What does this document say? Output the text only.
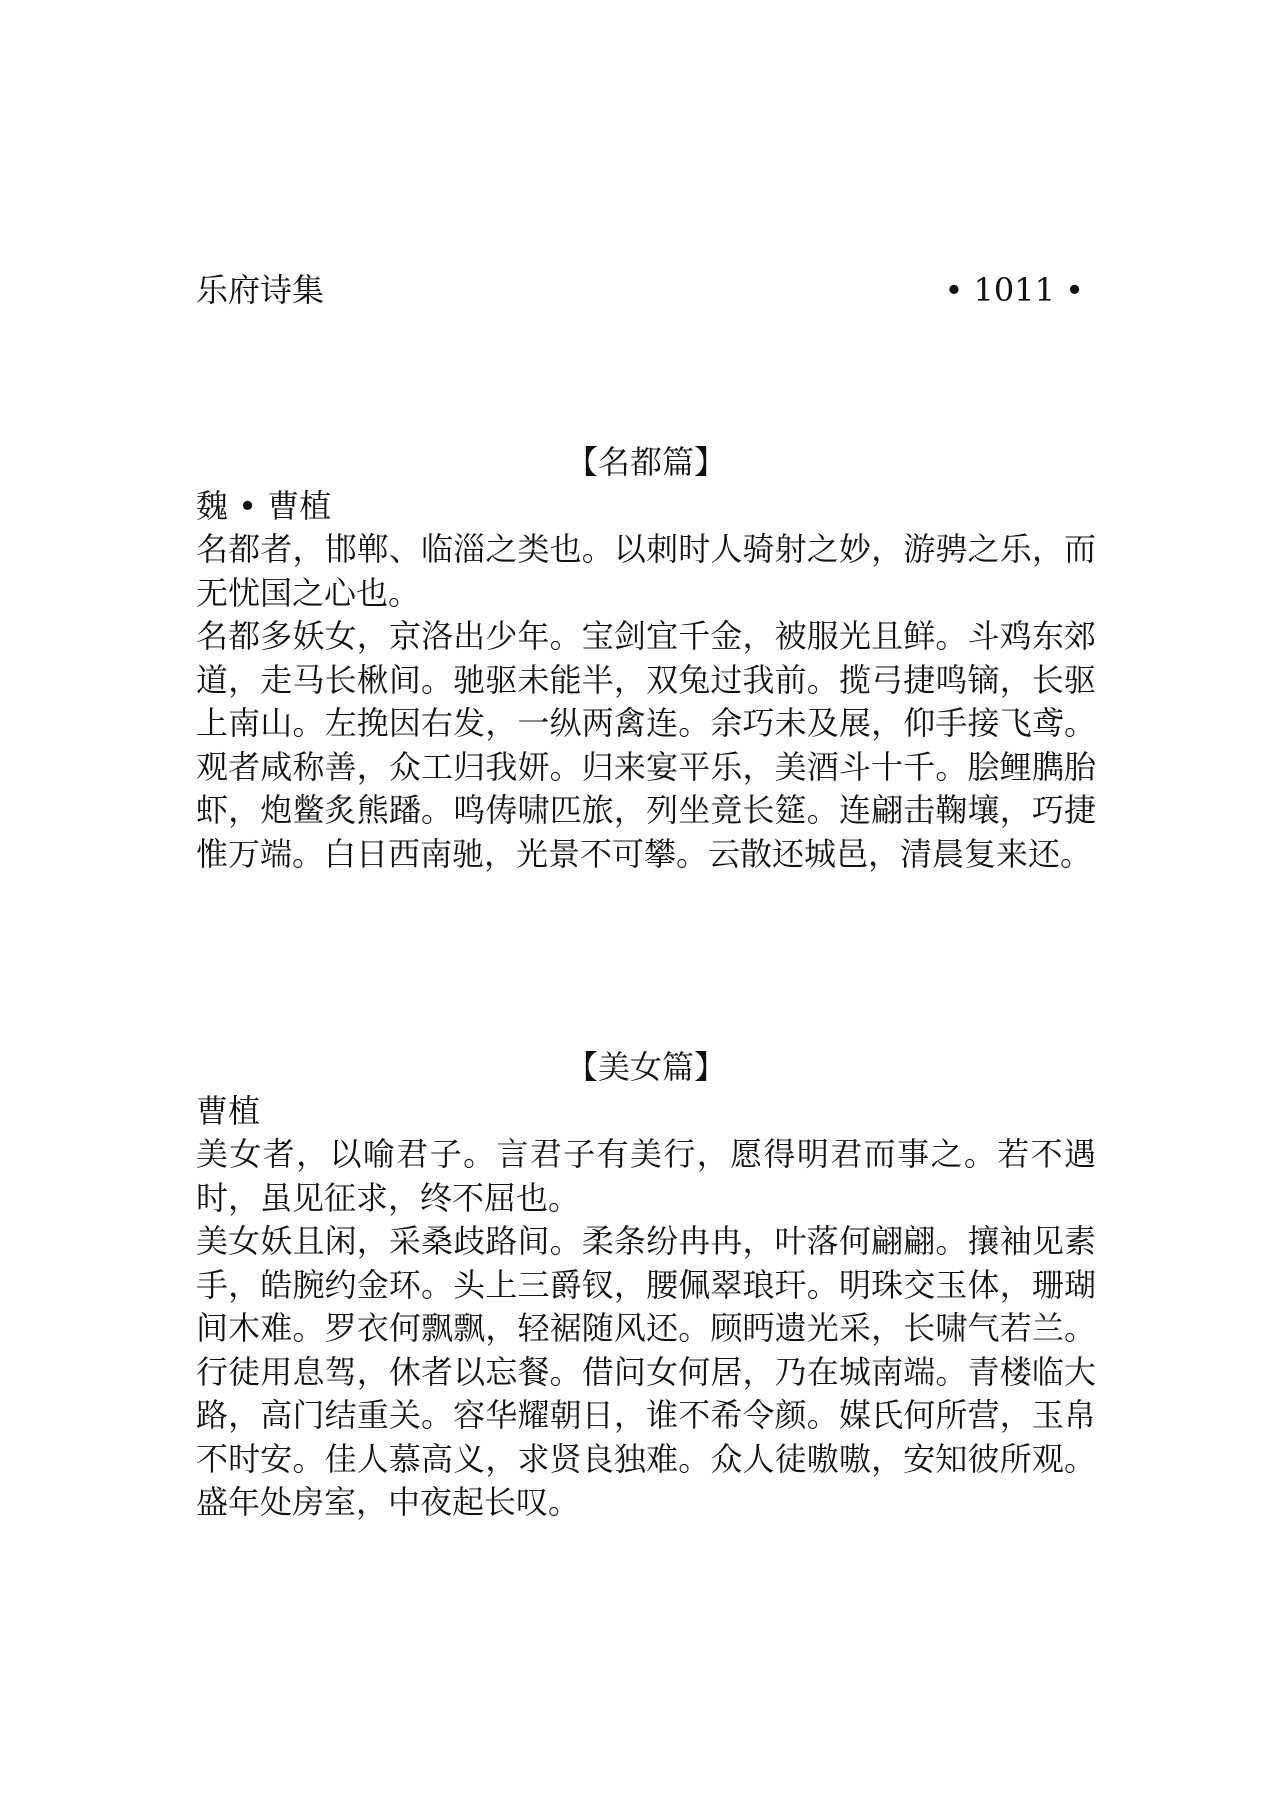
乐府诗集	• 1011 •
【名都篇】
魏 • 曹植

名都者，邯郸、临淄之类也。以刺时人骑射之妙，游骋之乐，而无忧国之心也。

名都多妖女，京洛出少年。宝剑宜千金，被服光且鲜。斗鸡东郊道，走马长楸间。驰驱未能半，双兔过我前。揽弓捷鸣镝，长驱上南山。左挽因右发，一纵两禽连。余巧未及展，仰手接飞鸢。观者咸称善，众工归我妍。归来宴平乐，美酒斗十千。脍鲤臇胎虾，炮鳖炙熊蹯。鸣俦啸匹旅，列坐竟长筵。连翩击鞠壤，巧捷惟万端。白日西南驰，光景不可攀。云散还城邑，清晨复来还。

【美女篇】
曹植

美女者，以喻君子。言君子有美行，愿得明君而事之。若不遇时，虽见征求，终不屈也。

美女妖且闲，采桑歧路间。柔条纷冉冉，叶落何翩翩。攘袖见素手，皓腕约金环。头上三爵钗，腰佩翠琅玕。明珠交玉体，珊瑚间木难。罗衣何飘飘，轻裾随风还。顾眄遗光采，长啸气若兰。行徒用息驾，休者以忘餐。借问女何居，乃在城南端。青楼临大路，高门结重关。容华耀朝日，谁不希令颜。媒氏何所营，玉帛不时安。佳人慕高义，求贤良独难。众人徒嗷嗷，安知彼所观。盛年处房室，中夜起长叹。
